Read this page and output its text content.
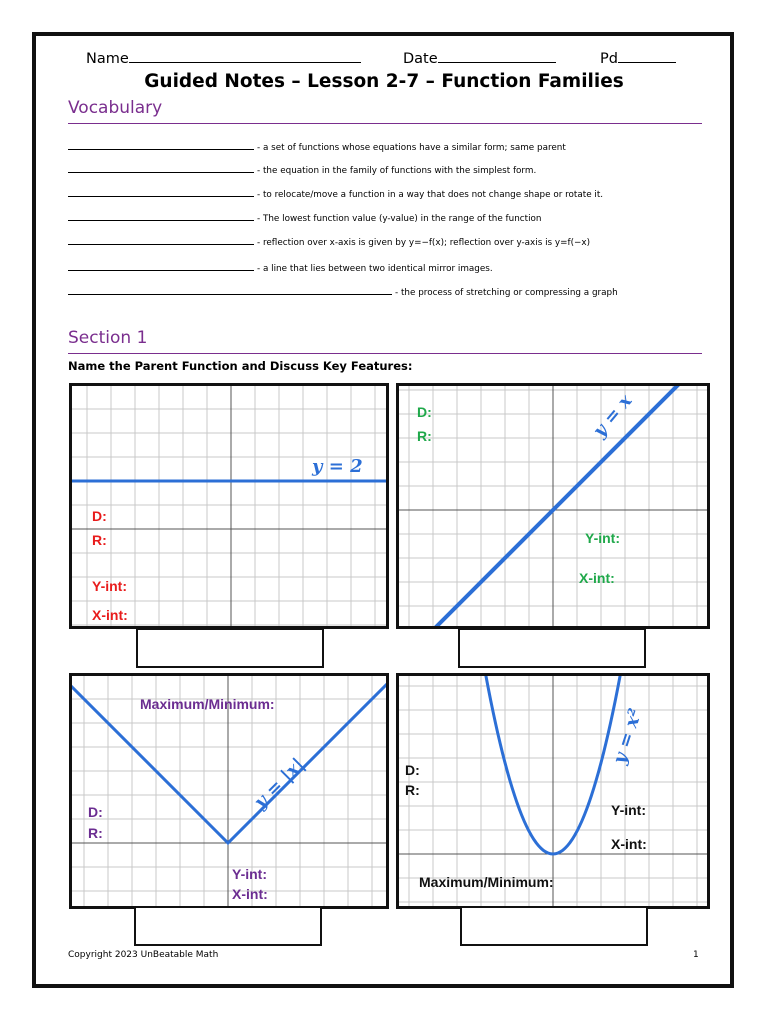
Name	Date	Pd
Guided Notes – Lesson 2-7 – Function Families
Vocabulary
- a set of functions whose equations have a similar form; same parent
- the equation in the family of functions with the simplest form.
- to relocate/move a function in a way that does not change shape or rotate it.
- The lowest function value (y-value) in the range of the function
- reflection over x-axis is given by y=−f(x); reflection over y-axis is y=f(−x)
- a line that lies between two identical mirror images.
- the process of stretching or compressing a graph
Section 1
Name the Parent Function and Discuss Key Features:
y = 2
D:
R:
Y-int:
X-int:
y = x
D:
R:
Y-int:
X-int:
Maximum/Minimum:
y = |x|
D:
R:
Y-int:
X-int:
y = x²
D:
R:
Y-int:
X-int:
Maximum/Minimum:
Copyright 2023 UnBeatable Math	1
